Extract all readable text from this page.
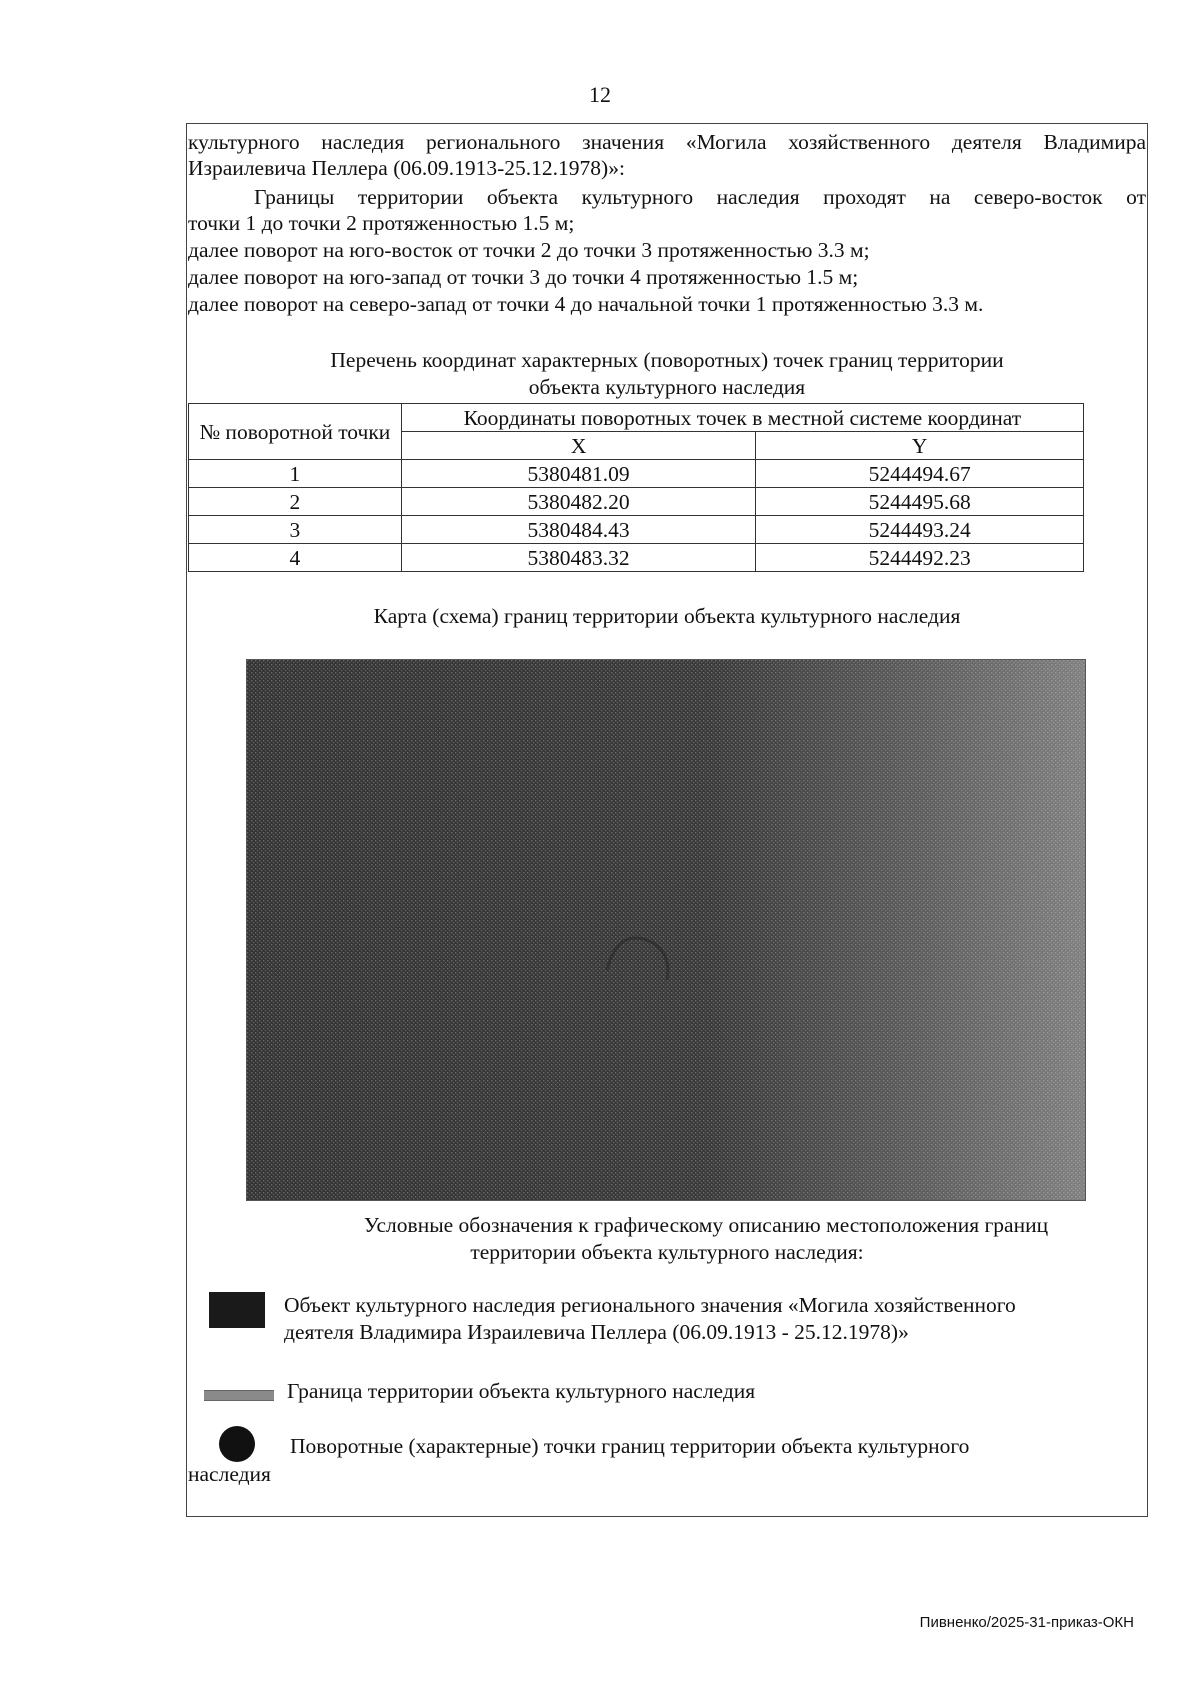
12
культурного наследия регионального значения «Могила хозяйственного деятеля Владимира
Израилевича Пеллера (06.09.1913-25.12.1978)»:
Границы территории объекта культурного наследия проходят на северо-восток от
точки 1 до точки 2 протяженностью 1.5 м;
далее поворот на юго-восток от точки 2 до точки 3 протяженностью 3.3 м;
далее поворот на юго-запад от точки 3 до точки 4 протяженностью 1.5 м;
далее поворот на северо-запад от точки 4 до начальной точки 1 протяженностью 3.3 м.
Перечень координат характерных (поворотных) точек границ территории
объекта культурного наследия
№ поворотной точки	Координаты поворотных точек в местной системе координат	
	X	Y
1	5380481.09	5244494.67
2	5380482.20	5244495.68
3	5380484.43	5244493.24
4	5380483.32	5244492.23
Карта (схема) границ территории объекта культурного наследия
Условные обозначения к графическому описанию местоположения границ
территории объекта культурного наследия:
Объект культурного наследия регионального значения «Могила хозяйственного
деятеля Владимира Израилевича Пеллера (06.09.1913 - 25.12.1978)»
Граница территории объекта культурного наследия
Поворотные (характерные) точки границ территории объекта культурного
наследия
Пивненко/2025-31-приказ-ОКН
